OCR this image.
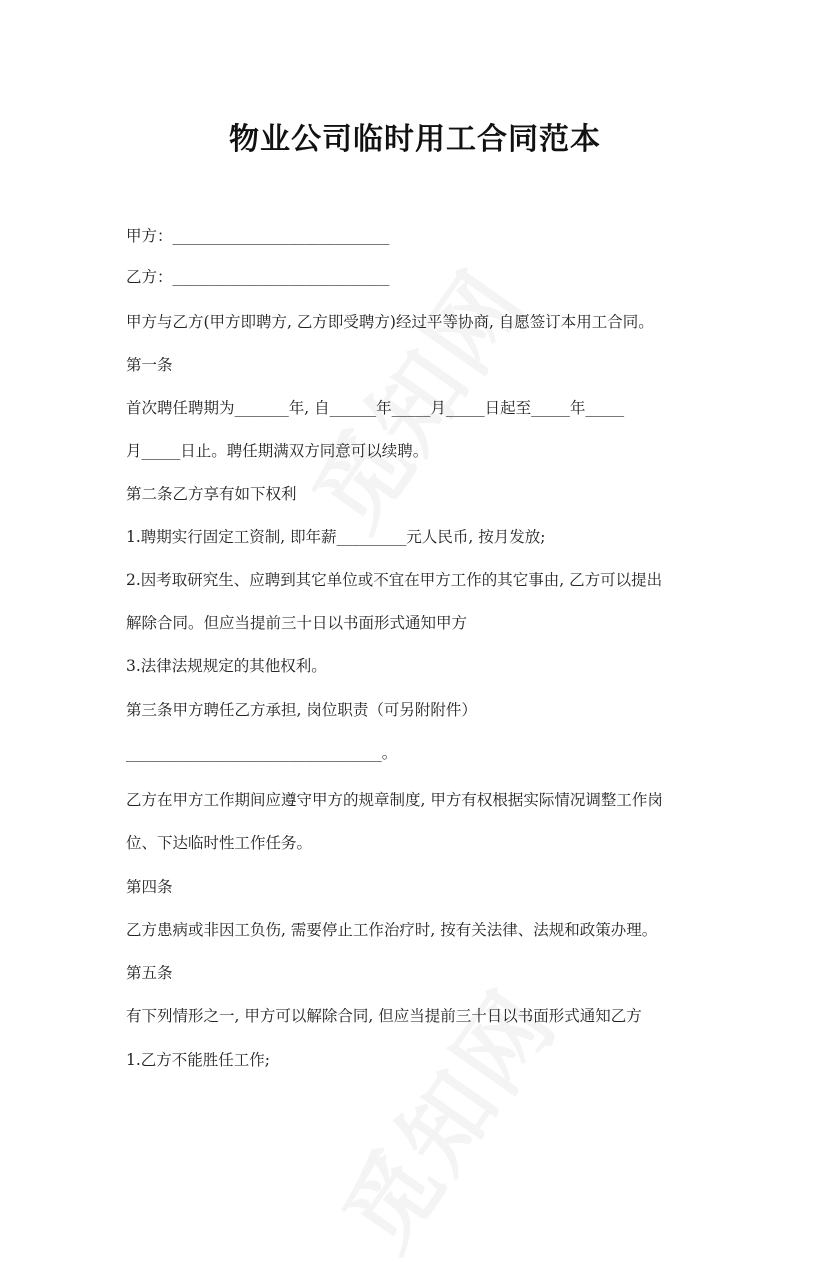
物业公司临时用工合同范本
甲方：____________________________
乙方：____________________________
甲方与乙方(甲方即聘方, 乙方即受聘方)经过平等协商, 自愿签订本用工合同。
第一条
首次聘任聘期为_______年, 自______年_____月_____日起至_____年_____
月_____日止。聘任期满双方同意可以续聘。
第二条乙方享有如下权利
1.聘期实行固定工资制, 即年薪_________元人民币, 按月发放;
2.因考取研究生、应聘到其它单位或不宜在甲方工作的其它事由, 乙方可以提出
解除合同。但应当提前三十日以书面形式通知甲方
3.法律法规规定的其他权利。
第三条甲方聘任乙方承担, 岗位职责（可另附附件）
_________________________________。
乙方在甲方工作期间应遵守甲方的规章制度, 甲方有权根据实际情况调整工作岗
位、下达临时性工作任务。
第四条
乙方患病或非因工负伤, 需要停止工作治疗时, 按有关法律、法规和政策办理。
第五条
有下列情形之一, 甲方可以解除合同, 但应当提前三十日以书面形式通知乙方
1.乙方不能胜任工作;
